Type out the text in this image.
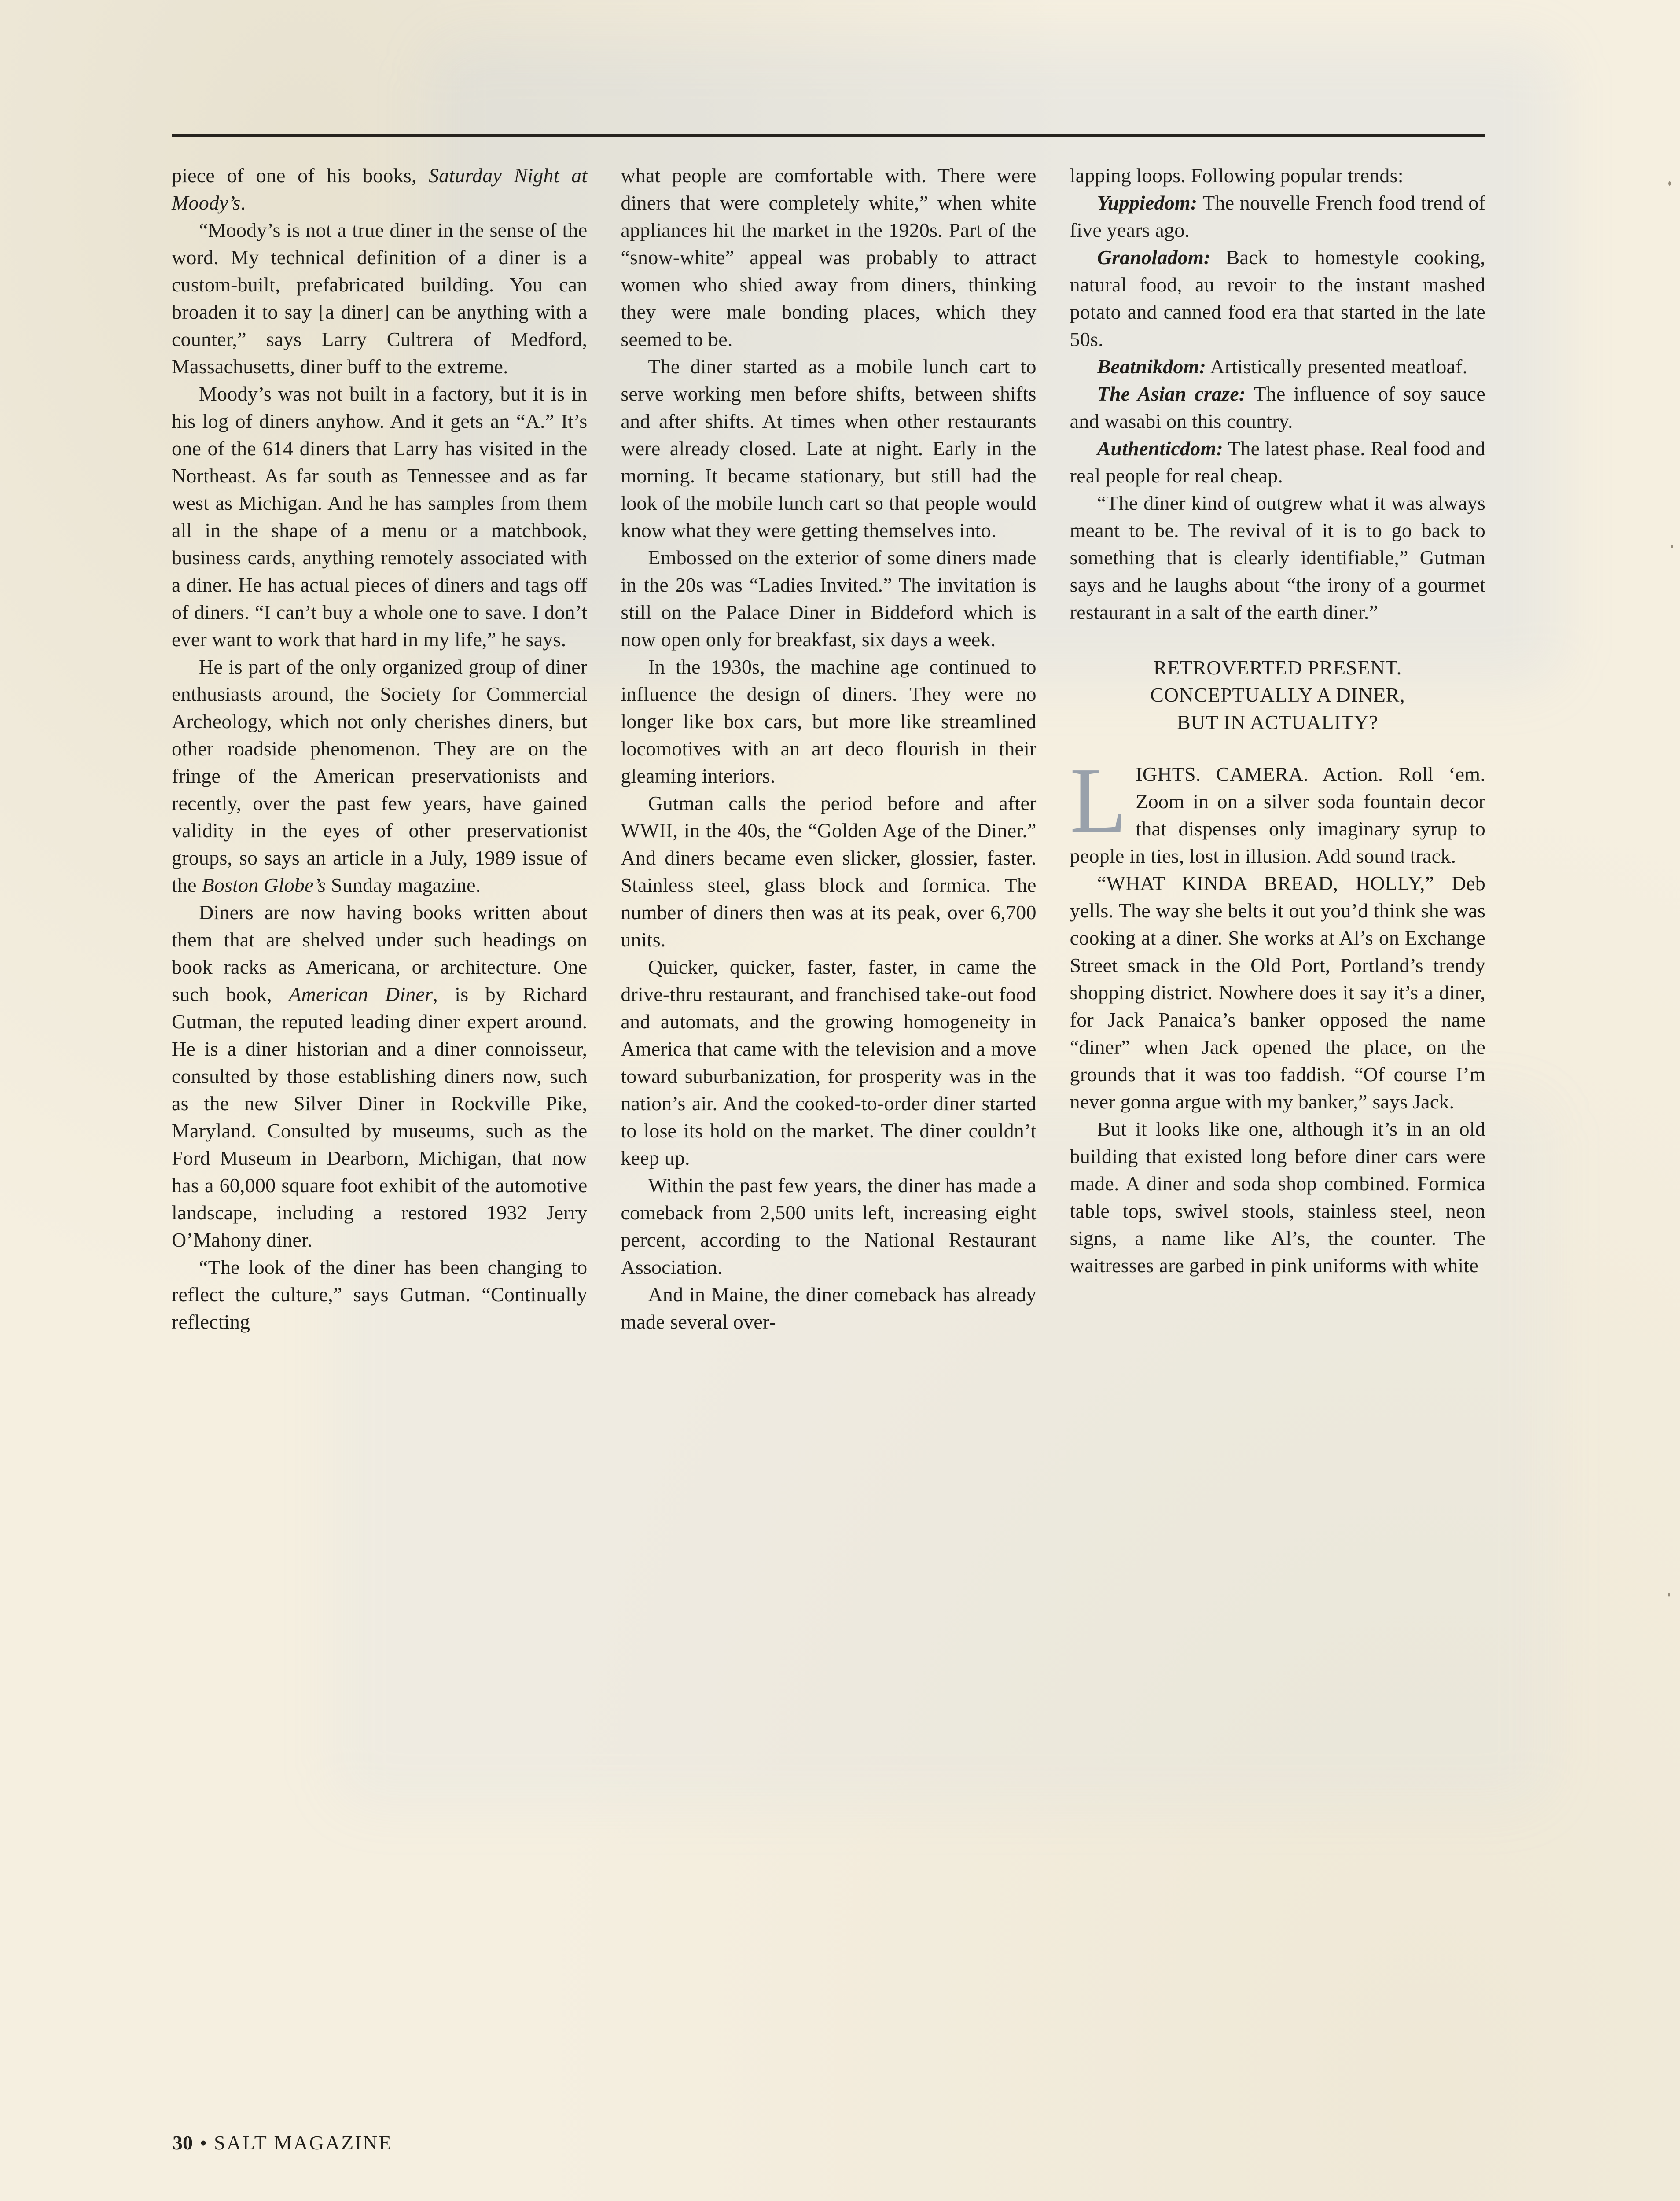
piece of one of his books, Saturday Night at Moody’s.

“Moody’s is not a true diner in the sense of the word. My technical definition of a diner is a custom-built, prefabricated building. You can broaden it to say [a diner] can be anything with a counter,” says Larry Cultrera of Medford, Massachusetts, diner buff to the extreme.

Moody’s was not built in a factory, but it is in his log of diners anyhow. And it gets an “A.” It’s one of the 614 diners that Larry has visited in the Northeast. As far south as Tennessee and as far west as Michigan. And he has samples from them all in the shape of a menu or a matchbook, business cards, anything remotely associated with a diner. He has actual pieces of diners and tags off of diners. “I can’t buy a whole one to save. I don’t ever want to work that hard in my life,” he says.

He is part of the only organized group of diner enthusiasts around, the Society for Commercial Archeology, which not only cherishes diners, but other roadside phenomenon. They are on the fringe of the American preservationists and recently, over the past few years, have gained validity in the eyes of other preservationist groups, so says an article in a July, 1989 issue of the Boston Globe’s Sunday magazine.

Diners are now having books written about them that are shelved under such headings on book racks as Americana, or architecture. One such book, American Diner, is by Richard Gutman, the reputed leading diner expert around. He is a diner historian and a diner connoisseur, consulted by those establishing diners now, such as the new Silver Diner in Rockville Pike, Maryland. Consulted by museums, such as the Ford Museum in Dearborn, Michigan, that now has a 60,000 square foot exhibit of the automotive landscape, including a restored 1932 Jerry O’Mahony diner.

“The look of the diner has been changing to reflect the culture,” says Gutman. “Continually reflecting

what people are comfortable with. There were diners that were completely white,” when white appliances hit the market in the 1920s. Part of the “snow-white” appeal was probably to attract women who shied away from diners, thinking they were male bonding places, which they seemed to be.

The diner started as a mobile lunch cart to serve working men before shifts, between shifts and after shifts. At times when other restaurants were already closed. Late at night. Early in the morning. It became stationary, but still had the look of the mobile lunch cart so that people would know what they were getting themselves into.

Embossed on the exterior of some diners made in the 20s was “Ladies Invited.” The invitation is still on the Palace Diner in Biddeford which is now open only for breakfast, six days a week.

In the 1930s, the machine age continued to influence the design of diners. They were no longer like box cars, but more like streamlined locomotives with an art deco flourish in their gleaming interiors.

Gutman calls the period before and after WWII, in the 40s, the “Golden Age of the Diner.” And diners became even slicker, glossier, faster. Stainless steel, glass block and formica. The number of diners then was at its peak, over 6,700 units.

Quicker, quicker, faster, faster, in came the drive-thru restaurant, and franchised take-out food and automats, and the growing homogeneity in America that came with the television and a move toward suburbanization, for prosperity was in the nation’s air. And the cooked-to-order diner started to lose its hold on the market. The diner couldn’t keep up.

Within the past few years, the diner has made a comeback from 2,500 units left, increasing eight percent, according to the National Restaurant Association.

And in Maine, the diner comeback has already made several over-

lapping loops. Following popular trends:

Yuppiedom: The nouvelle French food trend of five years ago.

Granoladom: Back to homestyle cooking, natural food, au revoir to the instant mashed potato and canned food era that started in the late 50s.

Beatnikdom: Artistically presented meatloaf.

The Asian craze: The influence of soy sauce and wasabi on this country.

Authenticdom: The latest phase. Real food and real people for real cheap.

“The diner kind of outgrew what it was always meant to be. The revival of it is to go back to something that is clearly identifiable,” Gutman says and he laughs about “the irony of a gourmet restaurant in a salt of the earth diner.”

RETROVERTED PRESENT.
CONCEPTUALLY A DINER,
BUT IN ACTUALITY?

LIGHTS. CAMERA. Action. Roll ‘em. Zoom in on a silver soda fountain decor that dispenses only imaginary syrup to people in ties, lost in illusion. Add sound track.

“WHAT KINDA BREAD, HOLLY,” Deb yells. The way she belts it out you’d think she was cooking at a diner. She works at Al’s on Exchange Street smack in the Old Port, Portland’s trendy shopping district. Nowhere does it say it’s a diner, for Jack Panaica’s banker opposed the name “diner” when Jack opened the place, on the grounds that it was too faddish. “Of course I’m never gonna argue with my banker,” says Jack.

But it looks like one, although it’s in an old building that existed long before diner cars were made. A diner and soda shop combined. Formica table tops, swivel stools, stainless steel, neon signs, a name like Al’s, the counter. The waitresses are garbed in pink uniforms with white

30 • SALT MAGAZINE
